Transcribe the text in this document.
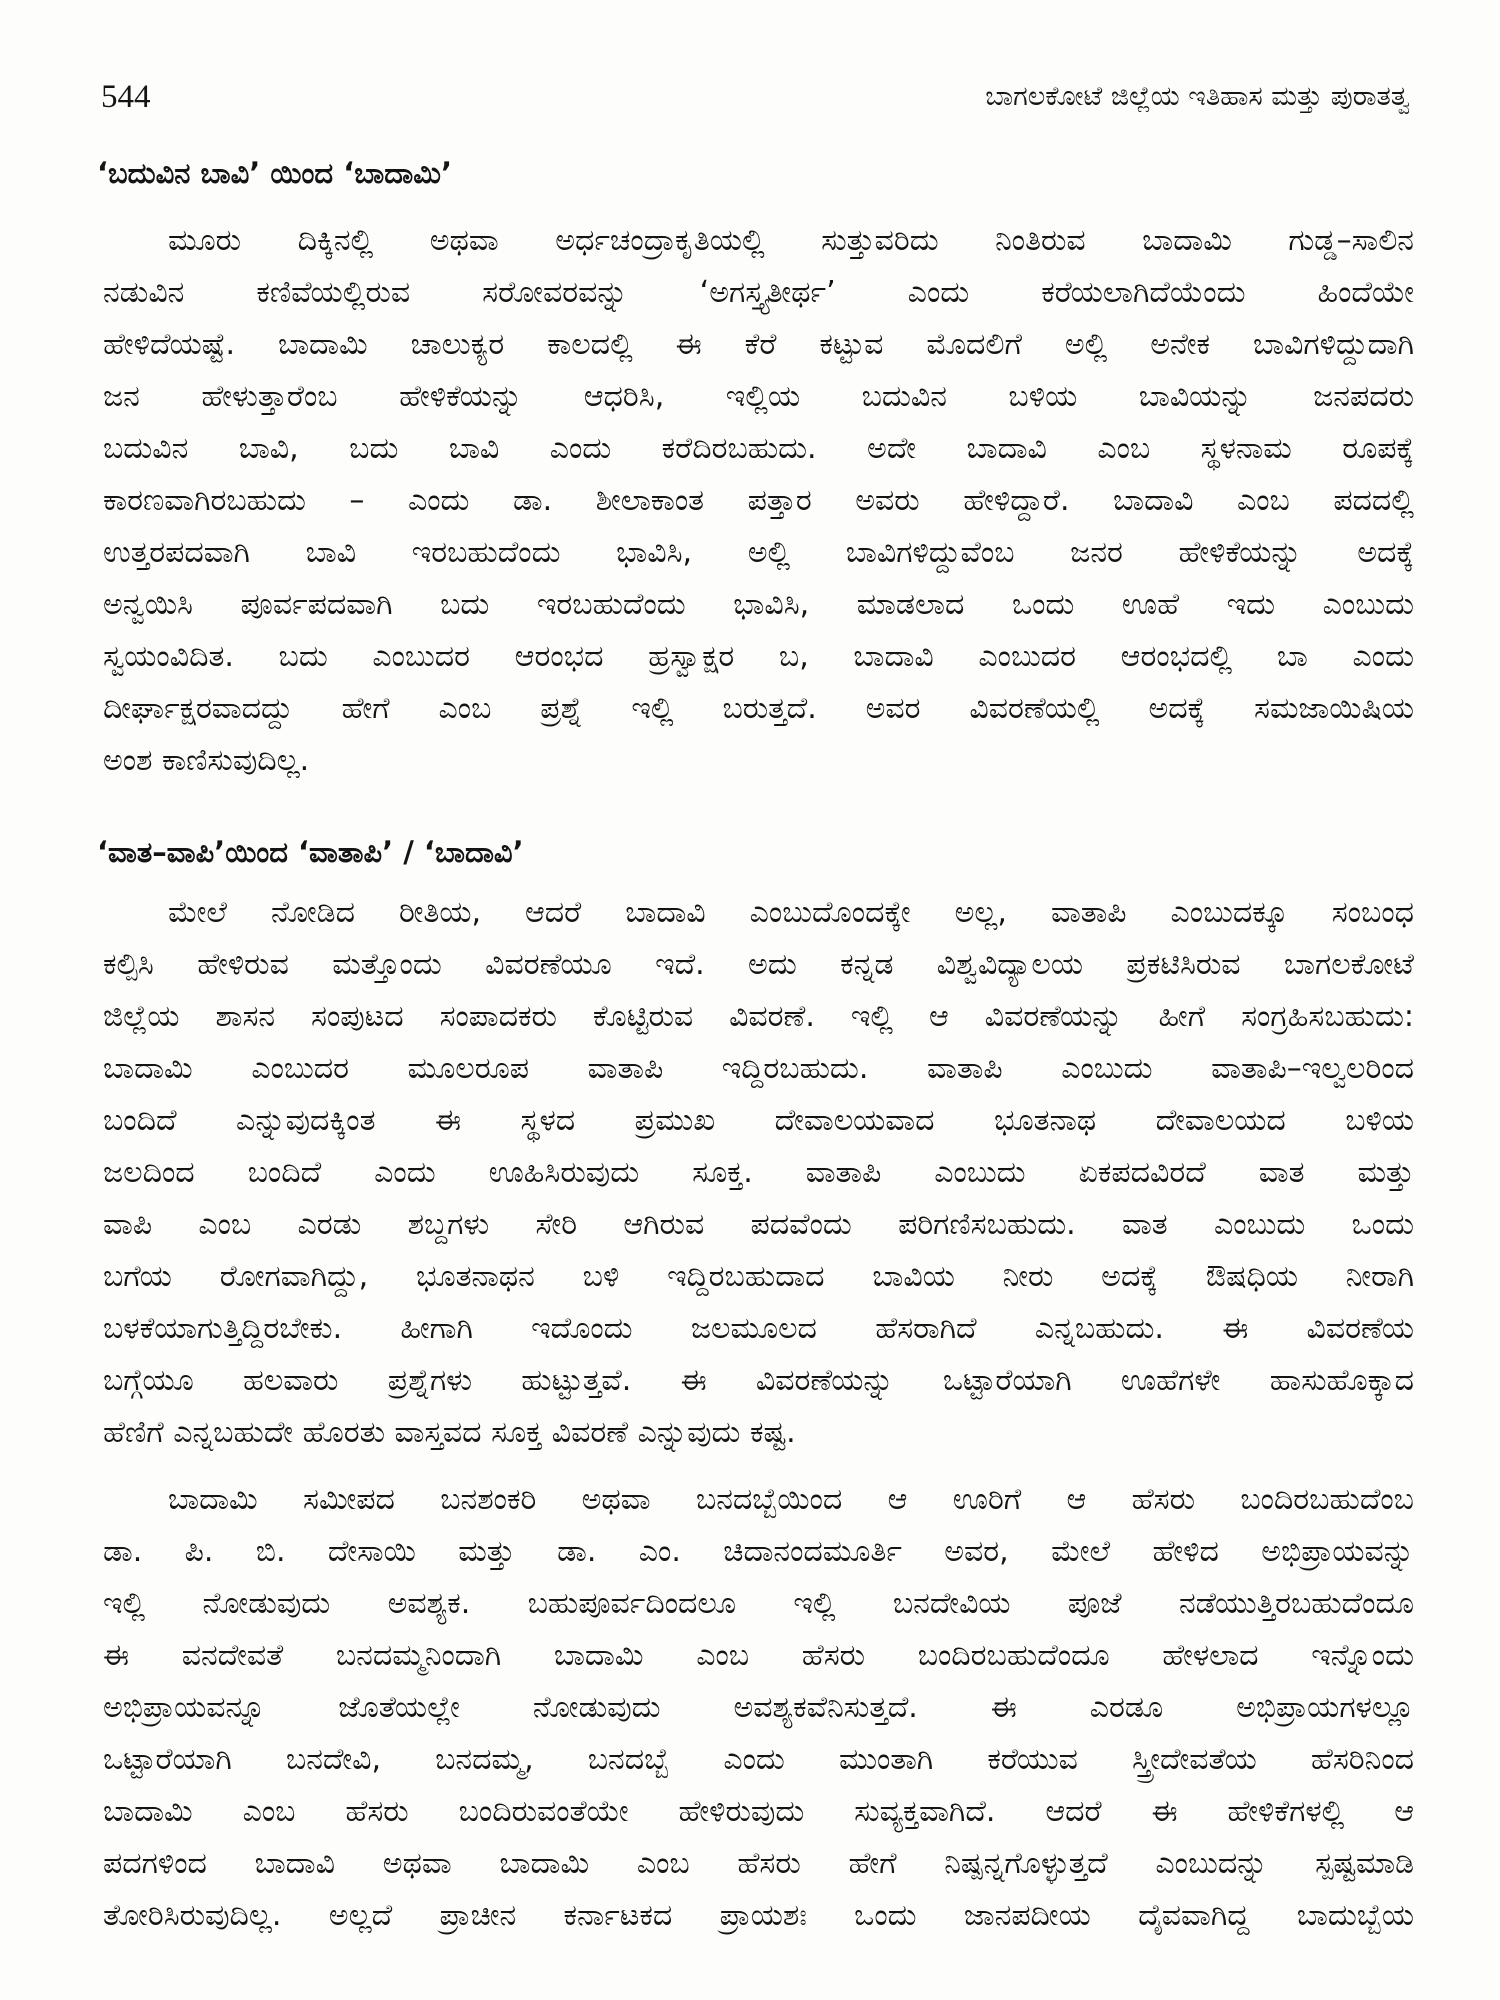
544	ಬಾಗಲಕೋಟೆ ಜಿಲ್ಲೆಯ ಇತಿಹಾಸ ಮತ್ತು ಪುರಾತತ್ವ
‘ಬದುವಿನ ಬಾವಿ’ ಯಿಂದ ‘ಬಾದಾಮಿ’
ಮೂರು ದಿಕ್ಕಿನಲ್ಲಿ ಅಥವಾ ಅರ್ಧಚಂದ್ರಾಕೃತಿಯಲ್ಲಿ ಸುತ್ತುವರಿದು ನಿಂತಿರುವ ಬಾದಾಮಿ ಗುಡ್ಡ–ಸಾಲಿನ
ನಡುವಿನ ಕಣಿವೆಯಲ್ಲಿರುವ ಸರೋವರವನ್ನು ‘ಅಗಸ್ತ್ಯತೀರ್ಥ’ ಎಂದು ಕರೆಯಲಾಗಿದೆಯೆಂದು ಹಿಂದೆಯೇ
ಹೇಳಿದೆಯಷ್ಟೆ. ಬಾದಾಮಿ ಚಾಲುಕ್ಯರ ಕಾಲದಲ್ಲಿ ಈ ಕೆರೆ ಕಟ್ಟುವ ಮೊದಲಿಗೆ ಅಲ್ಲಿ ಅನೇಕ ಬಾವಿಗಳಿದ್ದುದಾಗಿ
ಜನ ಹೇಳುತ್ತಾರೆಂಬ ಹೇಳಿಕೆಯನ್ನು ಆಧರಿಸಿ, ಇಲ್ಲಿಯ ಬದುವಿನ ಬಳಿಯ ಬಾವಿಯನ್ನು ಜನಪದರು
ಬದುವಿನ ಬಾವಿ, ಬದು ಬಾವಿ ಎಂದು ಕರೆದಿರಬಹುದು. ಅದೇ ಬಾದಾವಿ ಎಂಬ ಸ್ಥಳನಾಮ ರೂಪಕ್ಕೆ
ಕಾರಣವಾಗಿರಬಹುದು – ಎಂದು ಡಾ. ಶೀಲಾಕಾಂತ ಪತ್ತಾರ ಅವರು ಹೇಳಿದ್ದಾರೆ. ಬಾದಾವಿ ಎಂಬ ಪದದಲ್ಲಿ
ಉತ್ತರಪದವಾಗಿ ಬಾವಿ ಇರಬಹುದೆಂದು ಭಾವಿಸಿ, ಅಲ್ಲಿ ಬಾವಿಗಳಿದ್ದುವೆಂಬ ಜನರ ಹೇಳಿಕೆಯನ್ನು ಅದಕ್ಕೆ
ಅನ್ವಯಿಸಿ ಪೂರ್ವಪದವಾಗಿ ಬದು ಇರಬಹುದೆಂದು ಭಾವಿಸಿ, ಮಾಡಲಾದ ಒಂದು ಊಹೆ ಇದು ಎಂಬುದು
ಸ್ವಯಂವಿದಿತ. ಬದು ಎಂಬುದರ ಆರಂಭದ ಹ್ರಸ್ವಾಕ್ಷರ ಬ, ಬಾದಾವಿ ಎಂಬುದರ ಆರಂಭದಲ್ಲಿ ಬಾ ಎಂದು
ದೀರ್ಘಾಕ್ಷರವಾದದ್ದು ಹೇಗೆ ಎಂಬ ಪ್ರಶ್ನೆ ಇಲ್ಲಿ ಬರುತ್ತದೆ. ಅವರ ವಿವರಣೆಯಲ್ಲಿ ಅದಕ್ಕೆ ಸಮಜಾಯಿಷಿಯ
ಅಂಶ ಕಾಣಿಸುವುದಿಲ್ಲ.
‘ವಾತ–ವಾಪಿ’ಯಿಂದ ‘ವಾತಾಪಿ’ / ‘ಬಾದಾವಿ’
ಮೇಲೆ ನೋಡಿದ ರೀತಿಯ, ಆದರೆ ಬಾದಾವಿ ಎಂಬುದೊಂದಕ್ಕೇ ಅಲ್ಲ, ವಾತಾಪಿ ಎಂಬುದಕ್ಕೂ ಸಂಬಂಧ
ಕಲ್ಪಿಸಿ ಹೇಳಿರುವ ಮತ್ತೊಂದು ವಿವರಣೆಯೂ ಇದೆ. ಅದು ಕನ್ನಡ ವಿಶ್ವವಿದ್ಯಾಲಯ ಪ್ರಕಟಿಸಿರುವ ಬಾಗಲಕೋಟೆ
ಜಿಲ್ಲೆಯ ಶಾಸನ ಸಂಪುಟದ ಸಂಪಾದಕರು ಕೊಟ್ಟಿರುವ ವಿವರಣೆ. ಇಲ್ಲಿ ಆ ವಿವರಣೆಯನ್ನು ಹೀಗೆ ಸಂಗ್ರಹಿಸಬಹುದು:
ಬಾದಾಮಿ ಎಂಬುದರ ಮೂಲರೂಪ ವಾತಾಪಿ ಇದ್ದಿರಬಹುದು. ವಾತಾಪಿ ಎಂಬುದು ವಾತಾಪಿ–ಇಲ್ವಲರಿಂದ
ಬಂದಿದೆ ಎನ್ನುವುದಕ್ಕಿಂತ ಈ ಸ್ಥಳದ ಪ್ರಮುಖ ದೇವಾಲಯವಾದ ಭೂತನಾಥ ದೇವಾಲಯದ ಬಳಿಯ
ಜಲದಿಂದ ಬಂದಿದೆ ಎಂದು ಊಹಿಸಿರುವುದು ಸೂಕ್ತ. ವಾತಾಪಿ ಎಂಬುದು ಏಕಪದವಿರದೆ ವಾತ ಮತ್ತು
ವಾಪಿ ಎಂಬ ಎರಡು ಶಬ್ದಗಳು ಸೇರಿ ಆಗಿರುವ ಪದವೆಂದು ಪರಿಗಣಿಸಬಹುದು. ವಾತ ಎಂಬುದು ಒಂದು
ಬಗೆಯ ರೋಗವಾಗಿದ್ದು, ಭೂತನಾಥನ ಬಳಿ ಇದ್ದಿರಬಹುದಾದ ಬಾವಿಯ ನೀರು ಅದಕ್ಕೆ ಔಷಧಿಯ ನೀರಾಗಿ
ಬಳಕೆಯಾಗುತ್ತಿದ್ದಿರಬೇಕು. ಹೀಗಾಗಿ ಇದೊಂದು ಜಲಮೂಲದ ಹೆಸರಾಗಿದೆ ಎನ್ನಬಹುದು. ಈ ವಿವರಣೆಯ
ಬಗ್ಗೆಯೂ ಹಲವಾರು ಪ್ರಶ್ನೆಗಳು ಹುಟ್ಟುತ್ತವೆ. ಈ ವಿವರಣೆಯನ್ನು ಒಟ್ಟಾರೆಯಾಗಿ ಊಹೆಗಳೇ ಹಾಸುಹೊಕ್ಕಾದ
ಹೆಣಿಗೆ ಎನ್ನಬಹುದೇ ಹೊರತು ವಾಸ್ತವದ ಸೂಕ್ತ ವಿವರಣೆ ಎನ್ನುವುದು ಕಷ್ಟ.
ಬಾದಾಮಿ ಸಮೀಪದ ಬನಶಂಕರಿ ಅಥವಾ ಬನದಬ್ಬೆಯಿಂದ ಆ ಊರಿಗೆ ಆ ಹೆಸರು ಬಂದಿರಬಹುದೆಂಬ
ಡಾ. ಪಿ. ಬಿ. ದೇಸಾಯಿ ಮತ್ತು ಡಾ. ಎಂ. ಚಿದಾನಂದಮೂರ್ತಿ ಅವರ, ಮೇಲೆ ಹೇಳಿದ ಅಭಿಪ್ರಾಯವನ್ನು
ಇಲ್ಲಿ ನೋಡುವುದು ಅವಶ್ಯಕ. ಬಹುಪೂರ್ವದಿಂದಲೂ ಇಲ್ಲಿ ಬನದೇವಿಯ ಪೂಜೆ ನಡೆಯುತ್ತಿರಬಹುದೆಂದೂ
ಈ ವನದೇವತೆ ಬನದಮ್ಮನಿಂದಾಗಿ ಬಾದಾಮಿ ಎಂಬ ಹೆಸರು ಬಂದಿರಬಹುದೆಂದೂ ಹೇಳಲಾದ ಇನ್ನೊಂದು
ಅಭಿಪ್ರಾಯವನ್ನೂ ಜೊತೆಯಲ್ಲೇ ನೋಡುವುದು ಅವಶ್ಯಕವೆನಿಸುತ್ತದೆ. ಈ ಎರಡೂ ಅಭಿಪ್ರಾಯಗಳಲ್ಲೂ
ಒಟ್ಟಾರೆಯಾಗಿ ಬನದೇವಿ, ಬನದಮ್ಮ, ಬನದಬ್ಬೆ ಎಂದು ಮುಂತಾಗಿ ಕರೆಯುವ ಸ್ತ್ರೀದೇವತೆಯ ಹೆಸರಿನಿಂದ
ಬಾದಾಮಿ ಎಂಬ ಹೆಸರು ಬಂದಿರುವಂತೆಯೇ ಹೇಳಿರುವುದು ಸುವ್ಯಕ್ತವಾಗಿದೆ. ಆದರೆ ಈ ಹೇಳಿಕೆಗಳಲ್ಲಿ ಆ
ಪದಗಳಿಂದ ಬಾದಾವಿ ಅಥವಾ ಬಾದಾಮಿ ಎಂಬ ಹೆಸರು ಹೇಗೆ ನಿಷ್ಪನ್ನಗೊಳ್ಳುತ್ತದೆ ಎಂಬುದನ್ನು ಸ್ಪಷ್ಟಮಾಡಿ
ತೋರಿಸಿರುವುದಿಲ್ಲ. ಅಲ್ಲದೆ ಪ್ರಾಚೀನ ಕರ್ನಾಟಕದ ಪ್ರಾಯಶಃ ಒಂದು ಜಾನಪದೀಯ ದೈವವಾಗಿದ್ದ ಬಾದುಬ್ಬೆಯ
